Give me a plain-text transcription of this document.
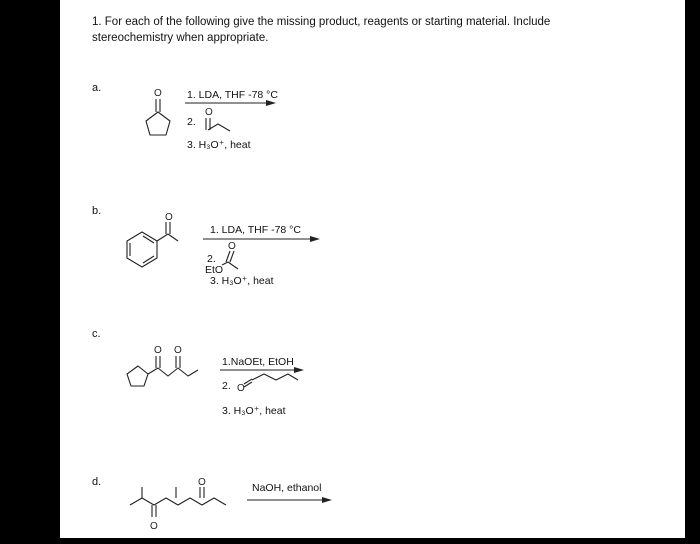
1. For each of the following give the missing product, reagents or starting material. Include
stereochemistry when appropriate.
a.
b.
c.
d.
1. LDA, THF -78 °C
2.
3. H₃O⁺, heat
1. LDA, THF -78 °C
2.
EtO
3. H₃O⁺, heat
1.NaOEt, EtOH
2.
3. H₃O⁺, heat
NaOH, ethanol
O
O
O
O
O O
O
O
O
